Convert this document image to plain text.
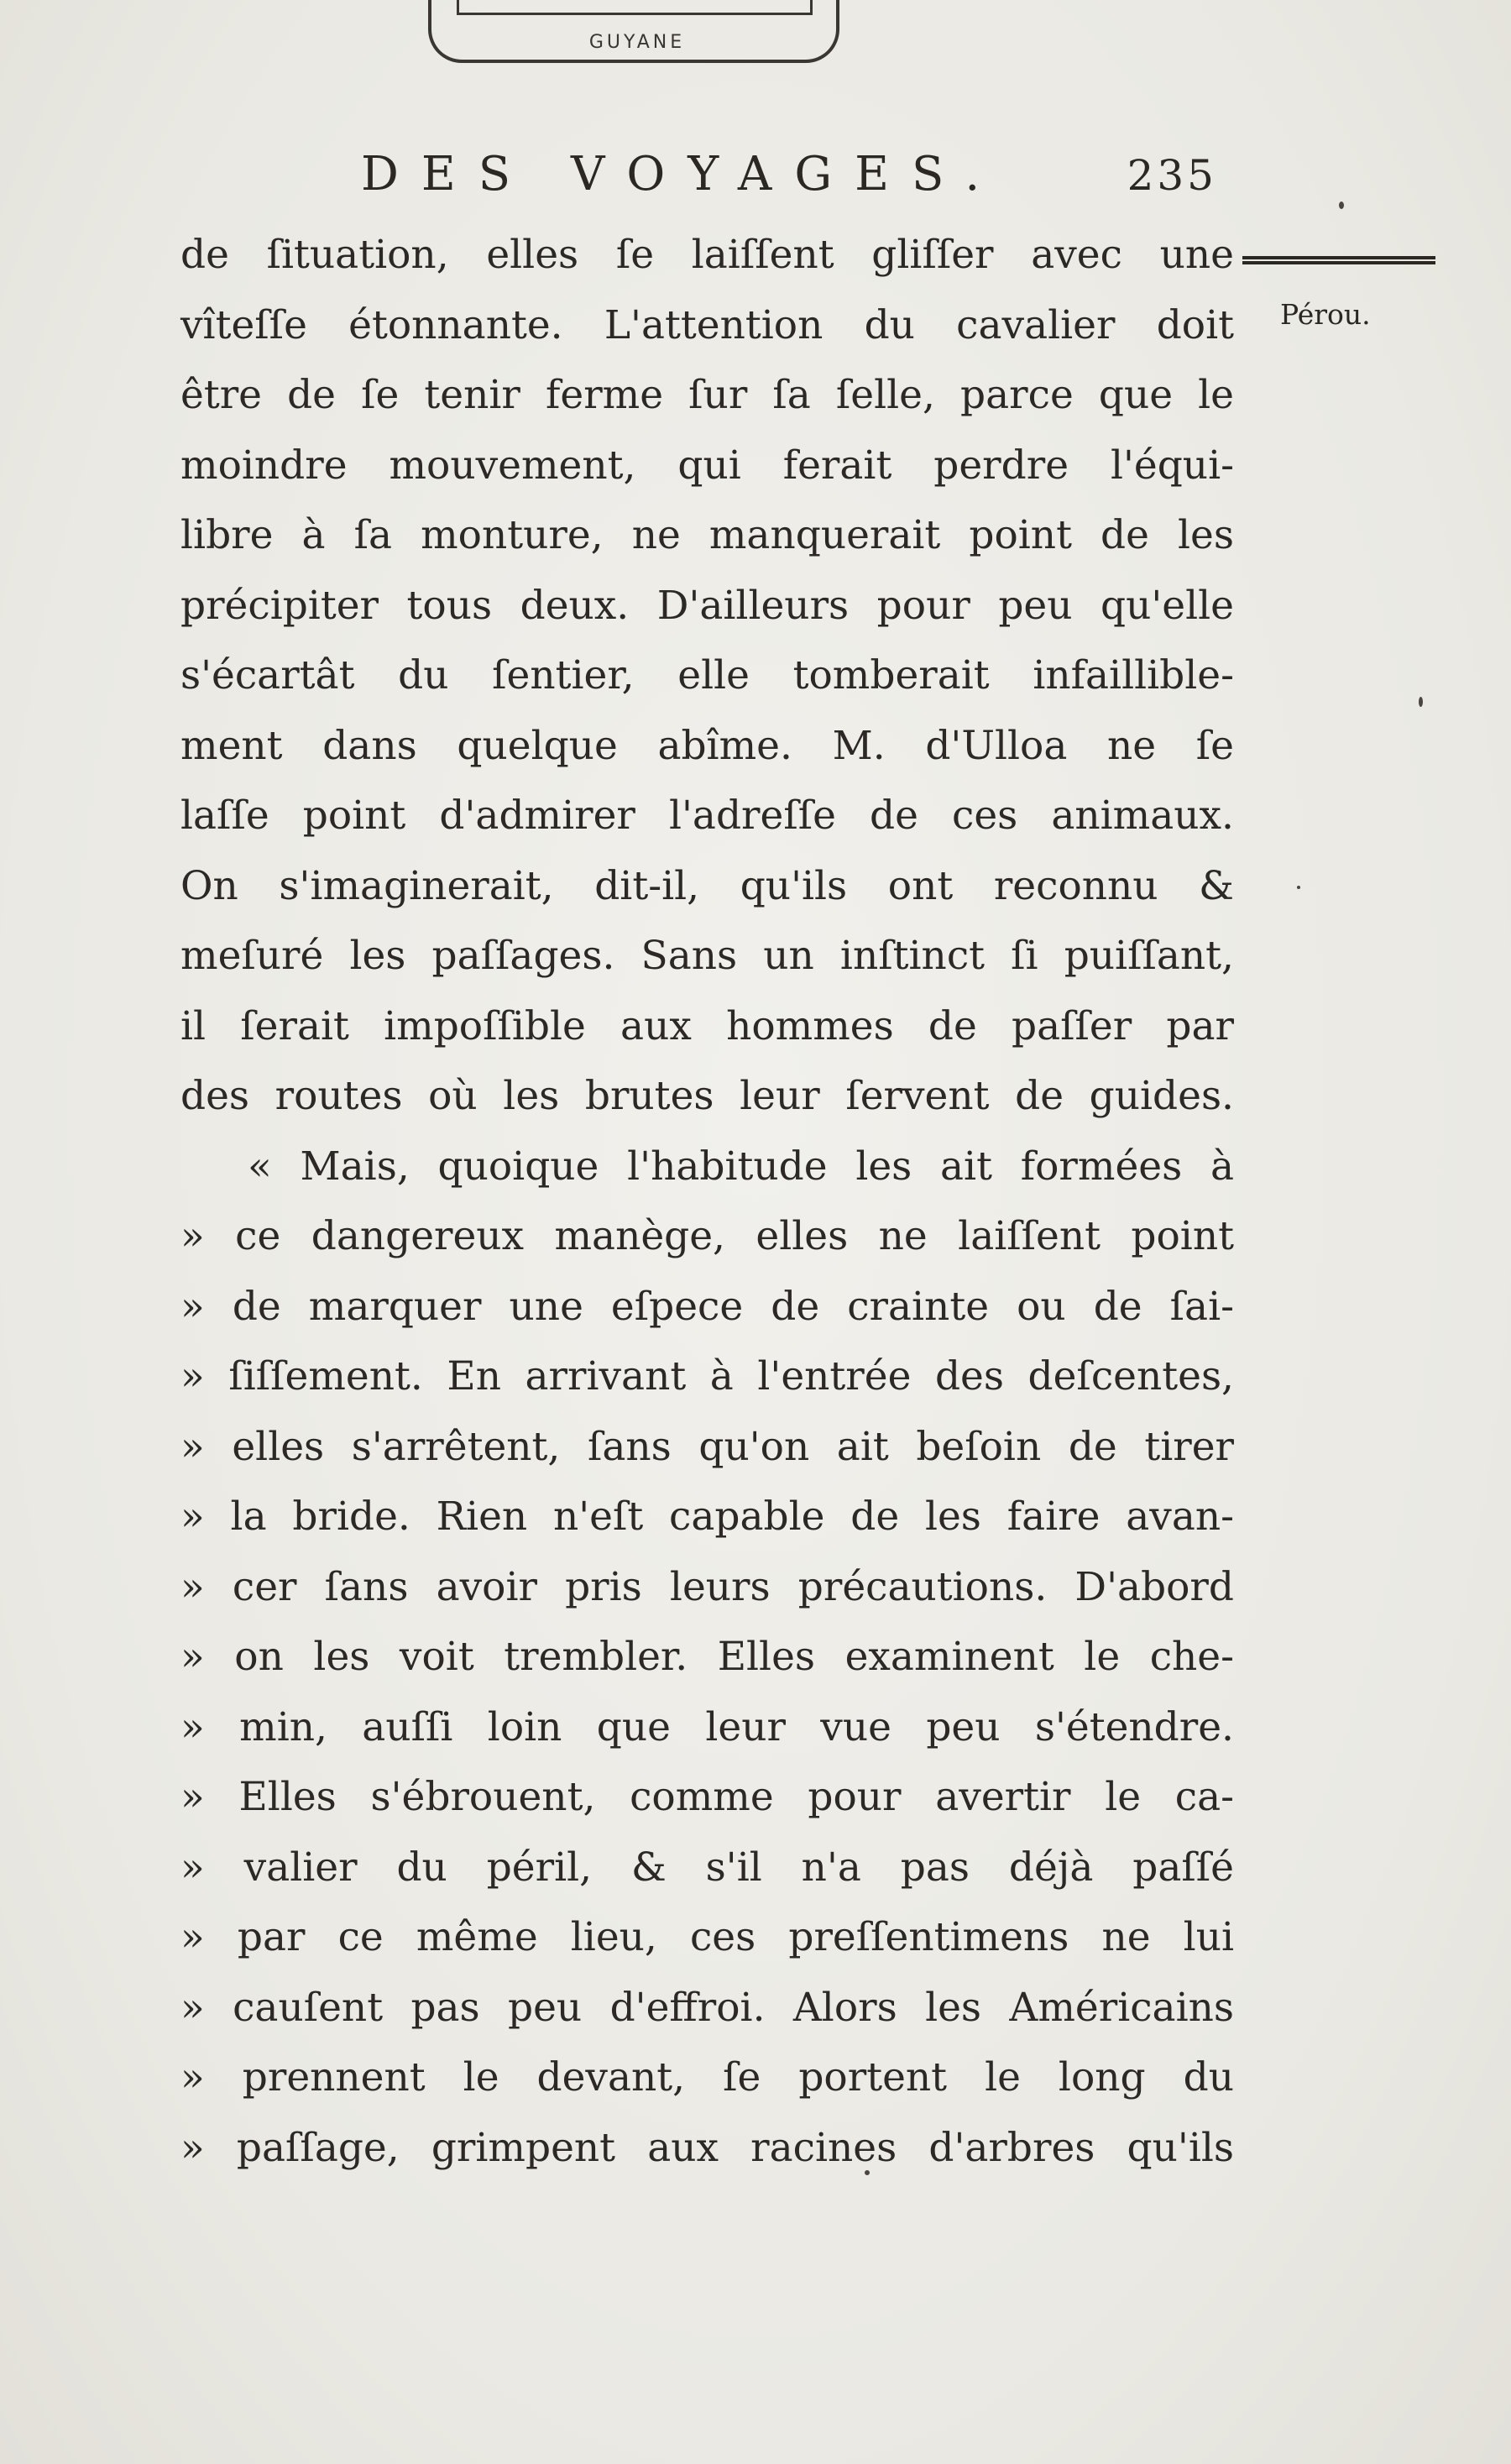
GUYANE
DES VOYAGES.	235
Pérou.
de ſituation, elles ſe laiſſent gliſſer avec une
vîteſſe étonnante. L'attention du cavalier doit
être de ſe tenir ferme ſur ſa ſelle, parce que le
moindre mouvement, qui ferait perdre l'équi-
libre à ſa monture, ne manquerait point de les
précipiter tous deux. D'ailleurs pour peu qu'elle
s'écartât du ſentier, elle tomberait infaillible-
ment dans quelque abîme. M. d'Ulloa ne ſe
laſſe point d'admirer l'adreſſe de ces animaux.
On s'imaginerait, dit-il, qu'ils ont reconnu &
meſuré les paſſages. Sans un inſtinct ſi puiſſant,
il ſerait impoſſible aux hommes de paſſer par
des routes où les brutes leur ſervent de guides.
« Mais, quoique l'habitude les ait formées à
» ce dangereux manège, elles ne laiſſent point
» de marquer une eſpece de crainte ou de ſai-
» ſiſſement. En arrivant à l'entrée des deſcentes,
» elles s'arrêtent, ſans qu'on ait beſoin de tirer
» la bride. Rien n'eſt capable de les faire avan-
» cer ſans avoir pris leurs précautions. D'abord
» on les voit trembler. Elles examinent le che-
» min, auſſi loin que leur vue peu s'étendre.
» Elles s'ébrouent, comme pour avertir le ca-
» valier du péril, & s'il n'a pas déjà paſſé
» par ce même lieu, ces preſſentimens ne lui
» cauſent pas peu d'effroi. Alors les Américains
» prennent le devant, ſe portent le long du
» paſſage, grimpent aux racines d'arbres qu'ils
